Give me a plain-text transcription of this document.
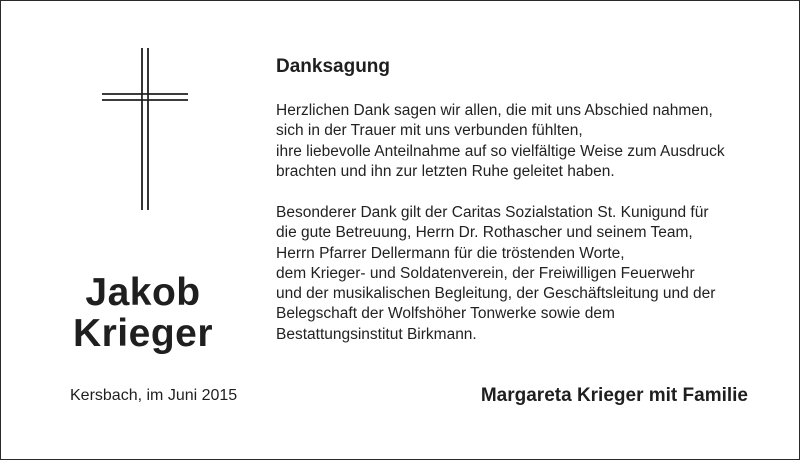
Jakob
Krieger
Kersbach, im Juni 2015
Danksagung
Herzlichen Dank sagen wir allen, die mit uns Abschied nahmen,
sich in der Trauer mit uns verbunden fühlten,
ihre liebevolle Anteilnahme auf so vielfältige Weise zum Ausdruck
brachten und ihn zur letzten Ruhe geleitet haben.
Besonderer Dank gilt der Caritas Sozialstation St. Kunigund für
die gute Betreuung, Herrn Dr. Rothascher und seinem Team,
Herrn Pfarrer Dellermann für die tröstenden Worte,
dem Krieger- und Soldatenverein, der Freiwilligen Feuerwehr
und der musikalischen Begleitung, der Geschäftsleitung und der
Belegschaft der Wolfshöher Tonwerke sowie dem
Bestattungsinstitut Birkmann.
Margareta Krieger mit Familie
